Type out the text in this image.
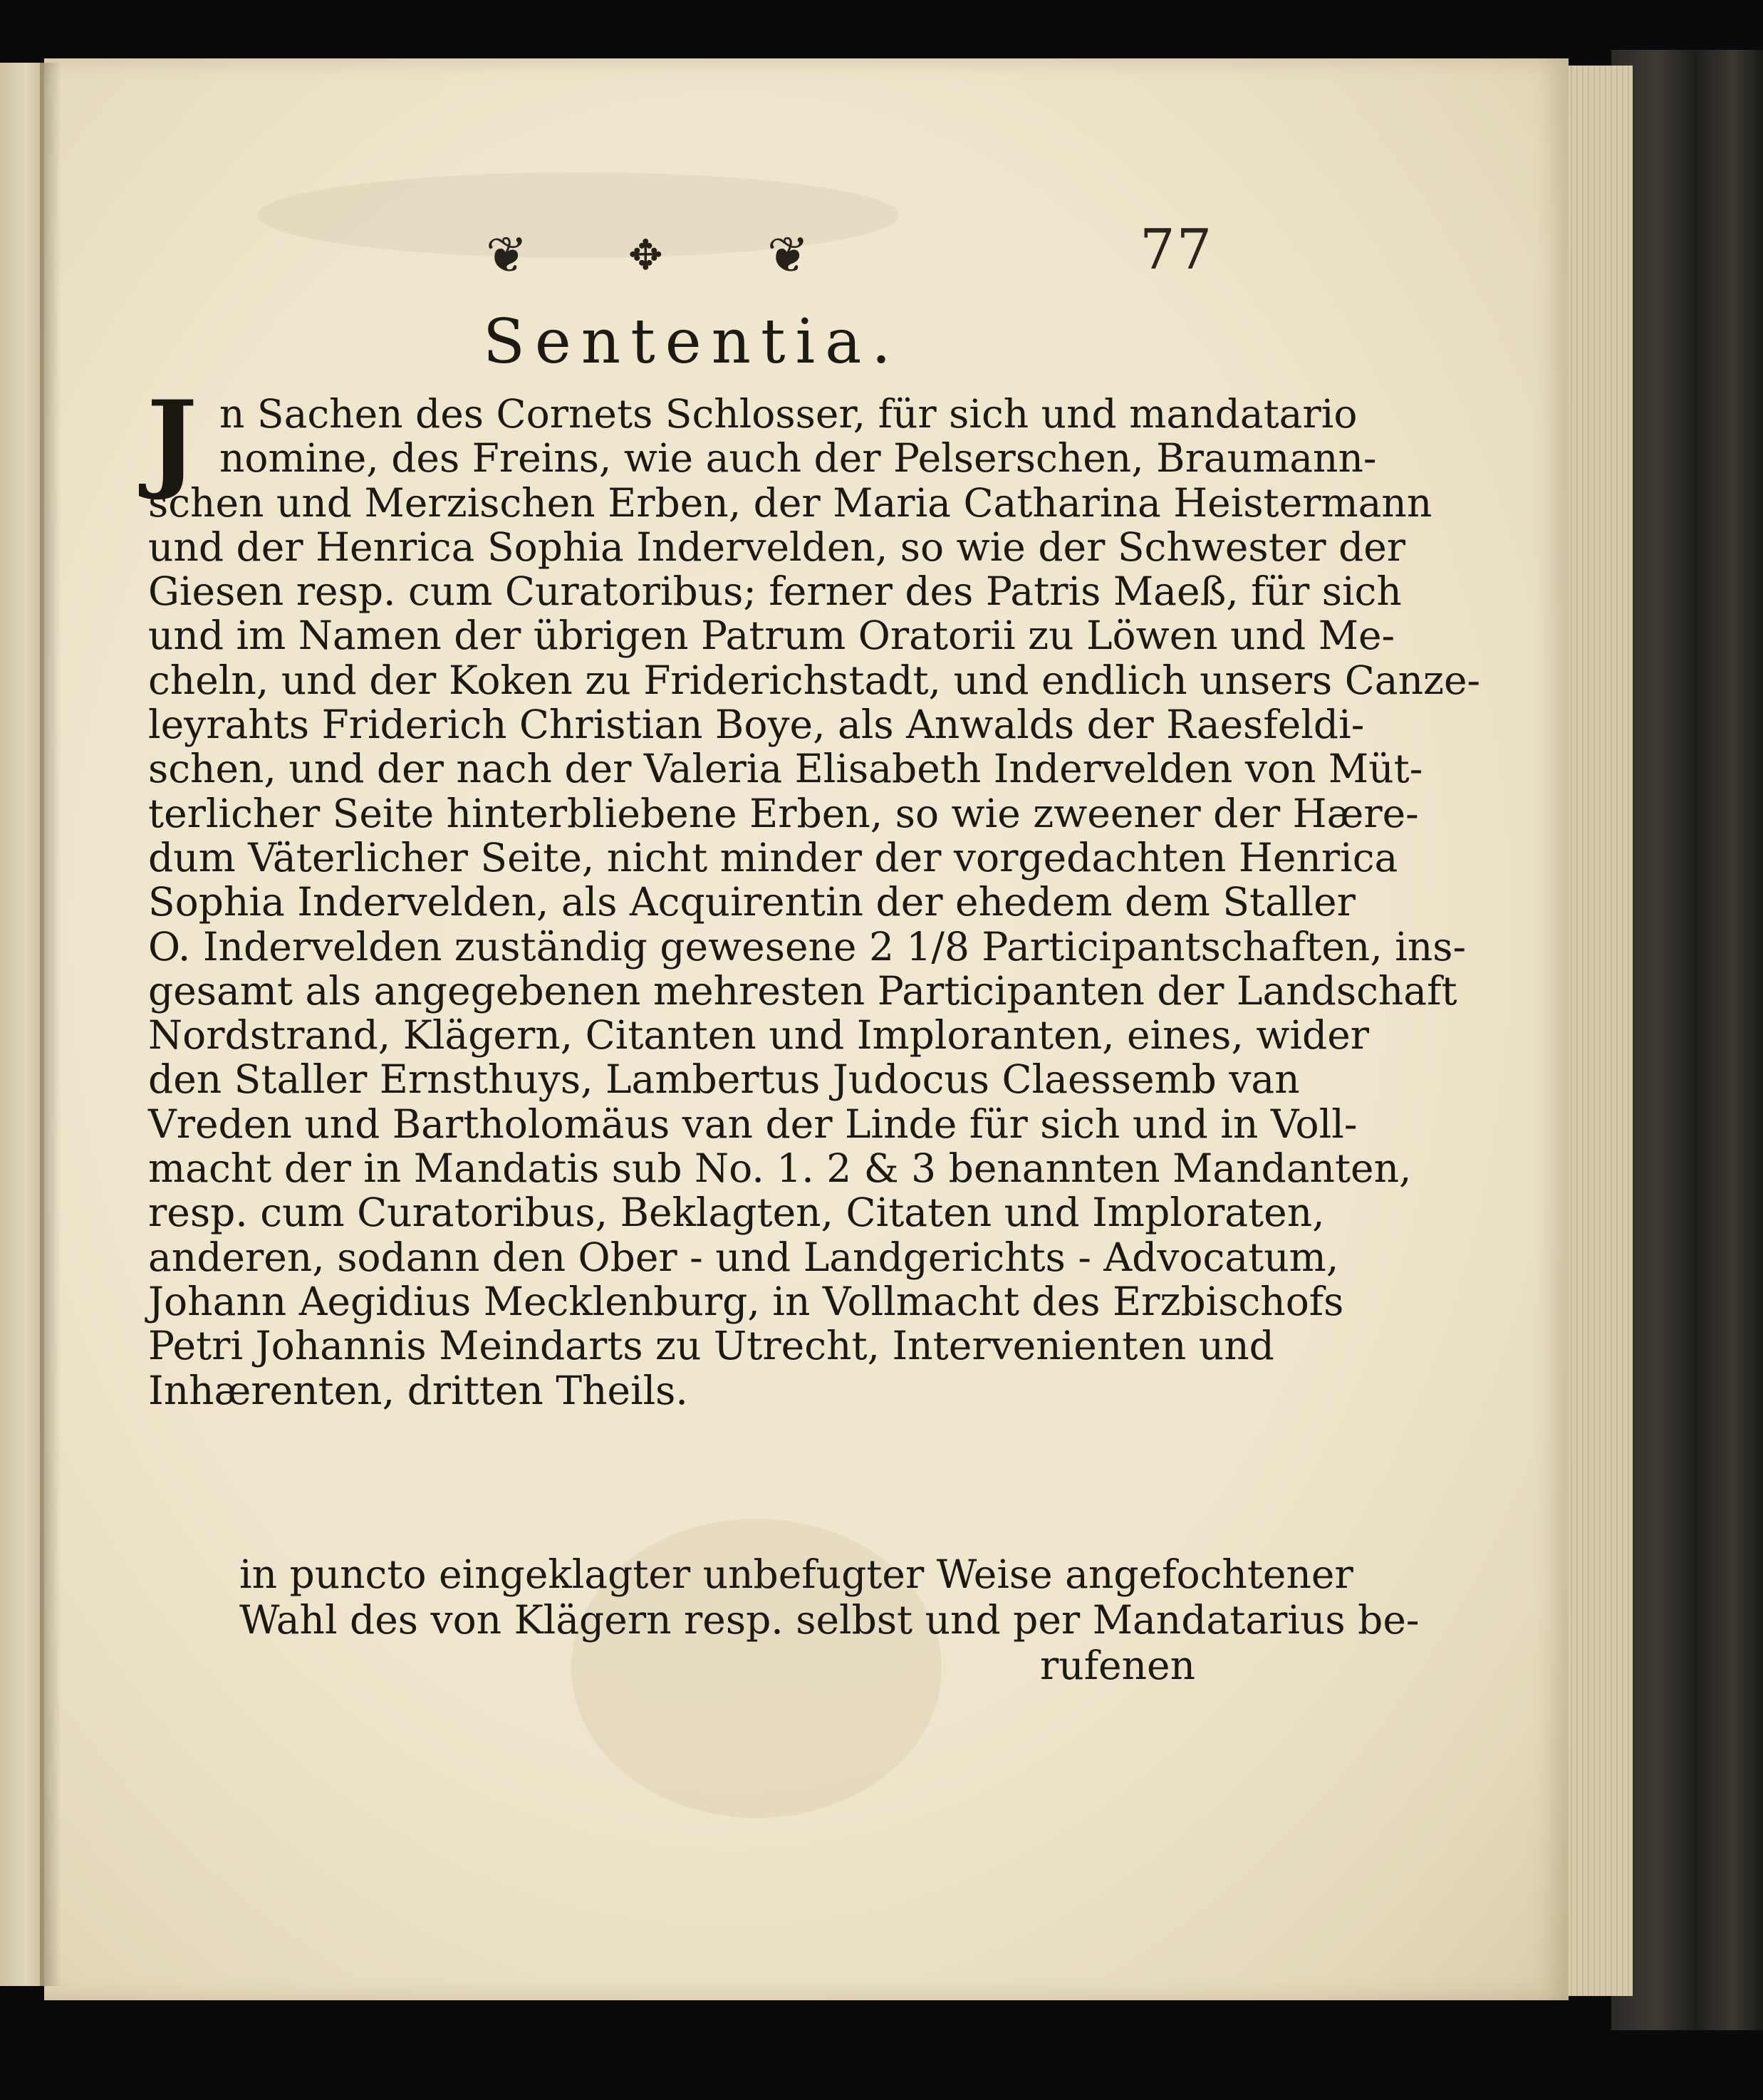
❦ ✥ ❦	77
Sententia.
J n Sachen des Cornets Schlosser, für sich und mandatario
nomine, des Freins, wie auch der Pelserschen, Braumann-
schen und Merzischen Erben, der Maria Catharina Heistermann
und der Henrica Sophia Indervelden, so wie der Schwester der
Giesen resp. cum Curatoribus; ferner des Patris Maeß, für sich
und im Namen der übrigen Patrum Oratorii zu Löwen und Me-
cheln, und der Koken zu Friderichstadt, und endlich unsers Canze-
leyrahts Friderich Christian Boye, als Anwalds der Raesfeldi-
schen, und der nach der Valeria Elisabeth Indervelden von Müt-
terlicher Seite hinterbliebene Erben, so wie zweener der Hære-
dum Väterlicher Seite, nicht minder der vorgedachten Henrica
Sophia Indervelden, als Acquirentin der ehedem dem Staller
O. Indervelden zuständig gewesene 2 1/8 Participantschaften, ins-
gesamt als angegebenen mehresten Participanten der Landschaft
Nordstrand, Klägern, Citanten und Imploranten, eines, wider
den Staller Ernsthuys, Lambertus Judocus Claessemb van
Vreden und Bartholomäus van der Linde für sich und in Voll-
macht der in Mandatis sub No. 1. 2 & 3 benannten Mandanten,
resp. cum Curatoribus, Beklagten, Citaten und Imploraten,
anderen, sodann den Ober - und Landgerichts - Advocatum,
Johann Aegidius Mecklenburg, in Vollmacht des Erzbischofs
Petri Johannis Meindarts zu Utrecht, Intervenienten und
Inhærenten, dritten Theils.
in puncto eingeklagter unbefugter Weise angefochtener
Wahl des von Klägern resp. selbst und per Mandatarius be-
rufenen
